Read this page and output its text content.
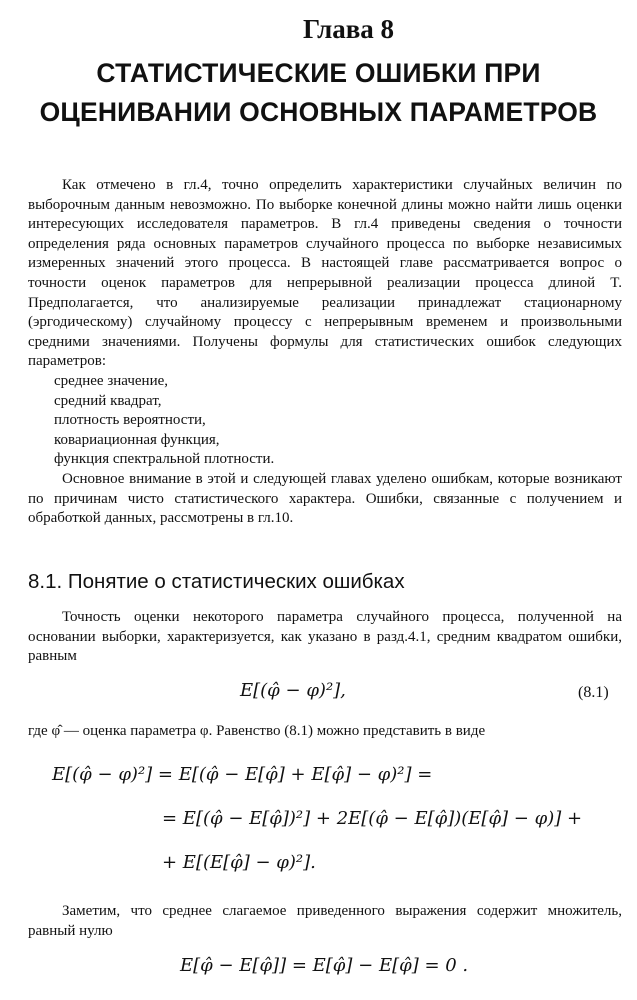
Глава 8
СТАТИСТИЧЕСКИЕ ОШИБКИ ПРИ
ОЦЕНИВАНИИ ОСНОВНЫХ ПАРАМЕТРОВ

Как отмечено в гл.4, точно определить характеристики случайных величин по выборочным данным невозможно. По выборке конечной длины можно найти лишь оценки интересующих исследователя параметров. В гл.4 приведены сведения о точности определения ряда основных параметров случайного процесса по выборке независимых измеренных значений этого процесса. В настоящей главе рассматривается вопрос о точности оценок параметров для непрерывной реализации процесса длиной T. Предполагается, что анализируемые реализации принадлежат стационарному (эргодическому) случайному процессу с непрерывным временем и произвольными средними значениями. Получены формулы для статистических ошибок следующих параметров:

среднее значение,
средний квадрат,
плотность вероятности,
ковариационная функция,
функция спектральной плотности.

Основное внимание в этой и следующей главах уделено ошибкам, которые возникают по причинам чисто статистического характера. Ошибки, связанные с получением и обработкой данных, рассмотрены в гл.10.

8.1. Понятие о статистических ошибках

Точность оценки некоторого параметра случайного процесса, полученной на основании выборки, характеризуется, как указано в разд.4.1, средним квадратом ошибки, равным

E[(φ̂ − φ)²],	(8.1)

где φ̂ — оценка параметра φ. Равенство (8.1) можно представить в виде

E[(φ̂ − φ)²] = E[(φ̂ − E[φ̂] + E[φ̂] − φ)²] =
= E[(φ̂ − E[φ̂])²] + 2E[(φ̂ − E[φ̂])(E[φ̂] − φ)] +
+ E[(E[φ̂] − φ)²].

Заметим, что среднее слагаемое приведенного выражения содержит множитель, равный нулю

E[φ̂ − E[φ̂]] = E[φ̂] − E[φ̂] = 0 .
